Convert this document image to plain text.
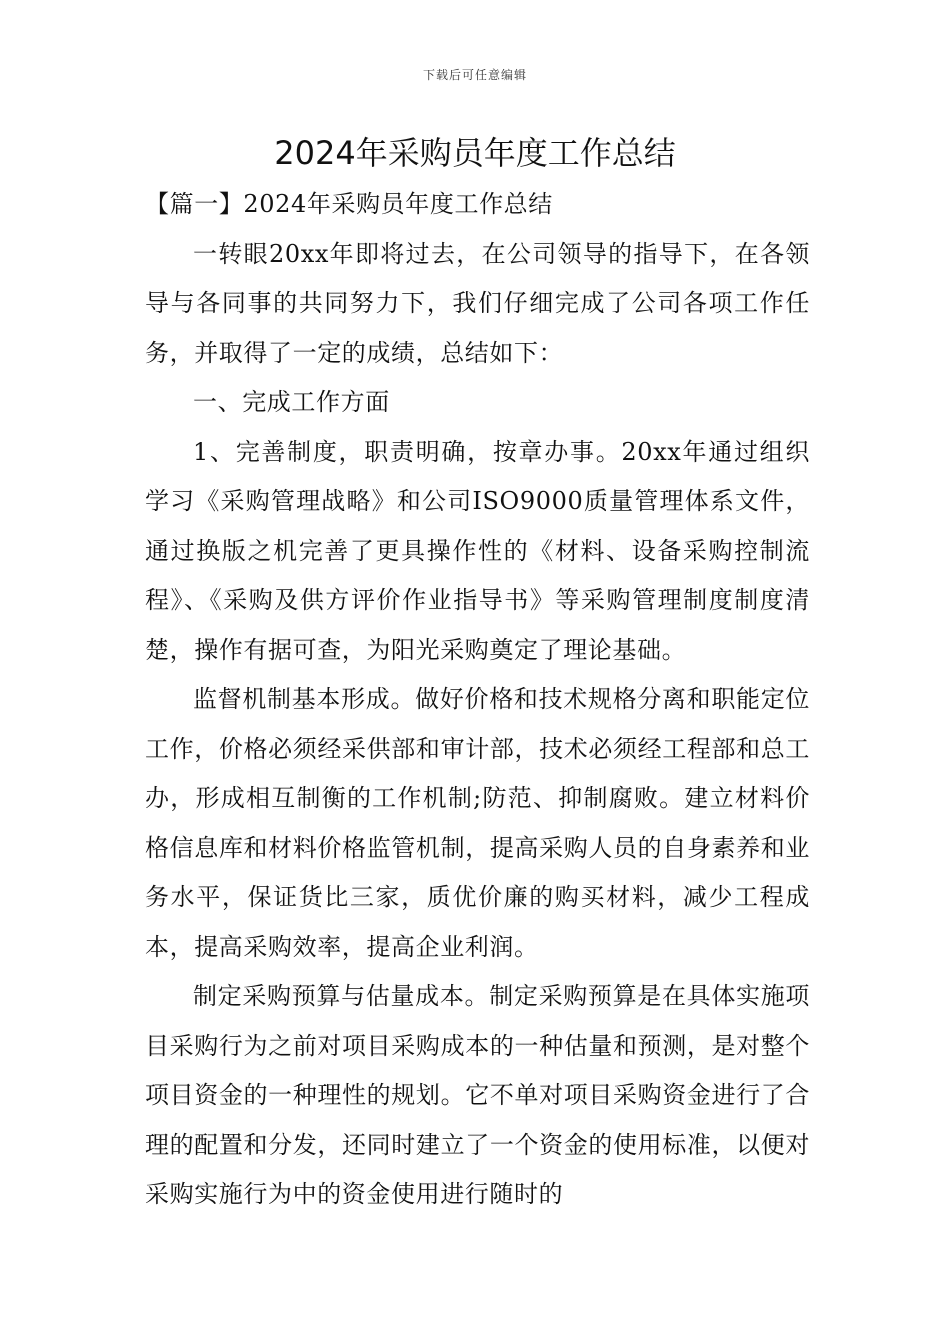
下载后可任意编辑
2024年采购员年度工作总结

【篇一】2024年采购员年度工作总结

一转眼20xx年即将过去，在公司领导的指导下，在各领导与各同事的共同努力下，我们仔细完成了公司各项工作任务，并取得了一定的成绩，总结如下：

一、完成工作方面

1、完善制度，职责明确，按章办事。20xx年通过组织学习《采购管理战略》和公司ISO9000质量管理体系文件，通过换版之机完善了更具操作性的《材料、设备采购控制流程》、《采购及供方评价作业指导书》等采购管理制度制度清楚，操作有据可查，为阳光采购奠定了理论基础。

监督机制基本形成。做好价格和技术规格分离和职能定位工作，价格必须经采供部和审计部，技术必须经工程部和总工办，形成相互制衡的工作机制;防范、抑制腐败。建立材料价格信息库和材料价格监管机制，提高采购人员的自身素养和业务水平，保证货比三家，质优价廉的购买材料，减少工程成本，提高采购效率，提高企业利润。

制定采购预算与估量成本。制定采购预算是在具体实施项目采购行为之前对项目采购成本的一种估量和预测，是对整个项目资金的一种理性的规划。它不单对项目采购资金进行了合理的配置和分发，还同时建立了一个资金的使用标准，以便对采购实施行为中的资金使用进行随时的
